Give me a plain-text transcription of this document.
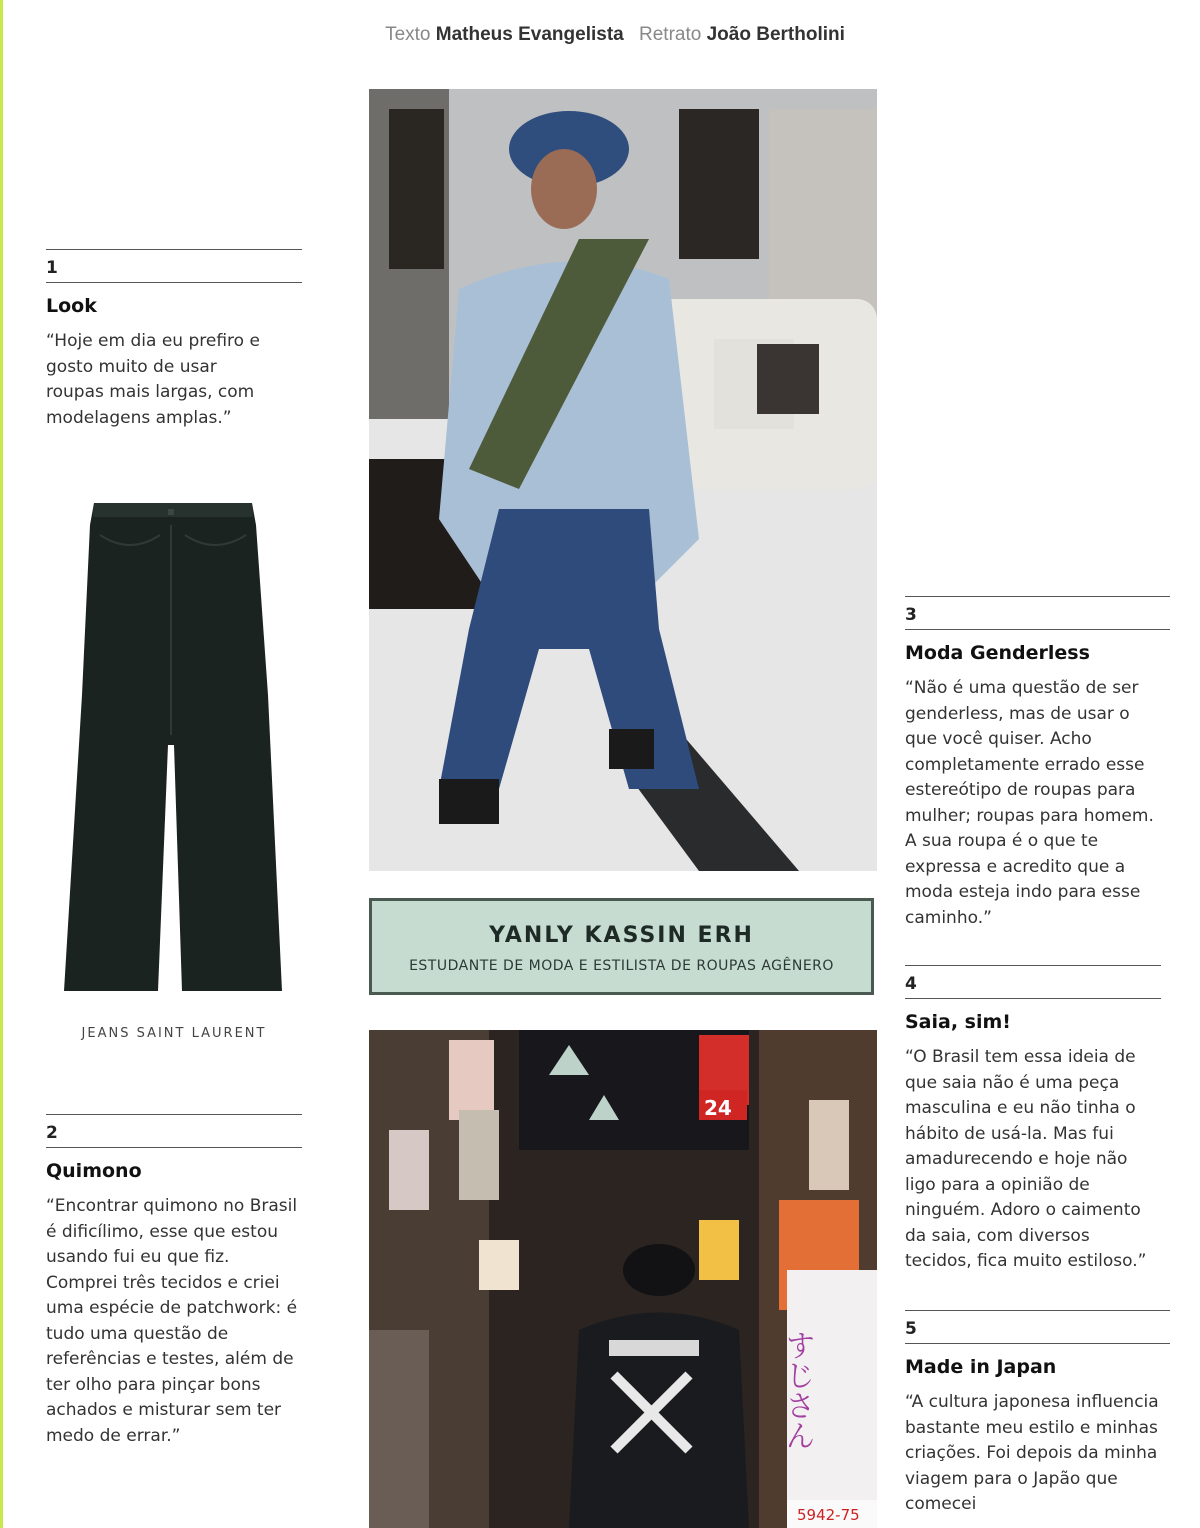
Texto Matheus Evangelista Retrato João Bertholini
1
Look
“Hoje em dia eu prefiro e gosto muito de usar roupas mais largas, com modelagens amplas.”
JEANS SAINT LAURENT
2
Quimono
“Encontrar quimono no Brasil é dificílimo, esse que estou usando fui eu que fiz. Comprei três tecidos e criei uma espécie de patchwork: é tudo uma questão de referências e testes, além de ter olho para pinçar bons achados e misturar sem ter medo de errar.”
YANLY KASSIN ERH
ESTUDANTE DE MODA E ESTILISTA DE ROUPAS AGÊNERO
24
すじさん
5942-75
3
Moda Genderless
“Não é uma questão de ser genderless, mas de usar o que você quiser. Acho completamente errado esse estereótipo de roupas para mulher; roupas para homem. A sua roupa é o que te expressa e acredito que a moda esteja indo para esse caminho.”
4
Saia, sim!
“O Brasil tem essa ideia de que saia não é uma peça masculina e eu não tinha o hábito de usá-la. Mas fui amadurecendo e hoje não ligo para a opinião de ninguém. Adoro o caimento da saia, com diversos tecidos, fica muito estiloso.”
5
Made in Japan
“A cultura japonesa influencia bastante meu estilo e minhas criações. Foi depois da minha viagem para o Japão que comecei
